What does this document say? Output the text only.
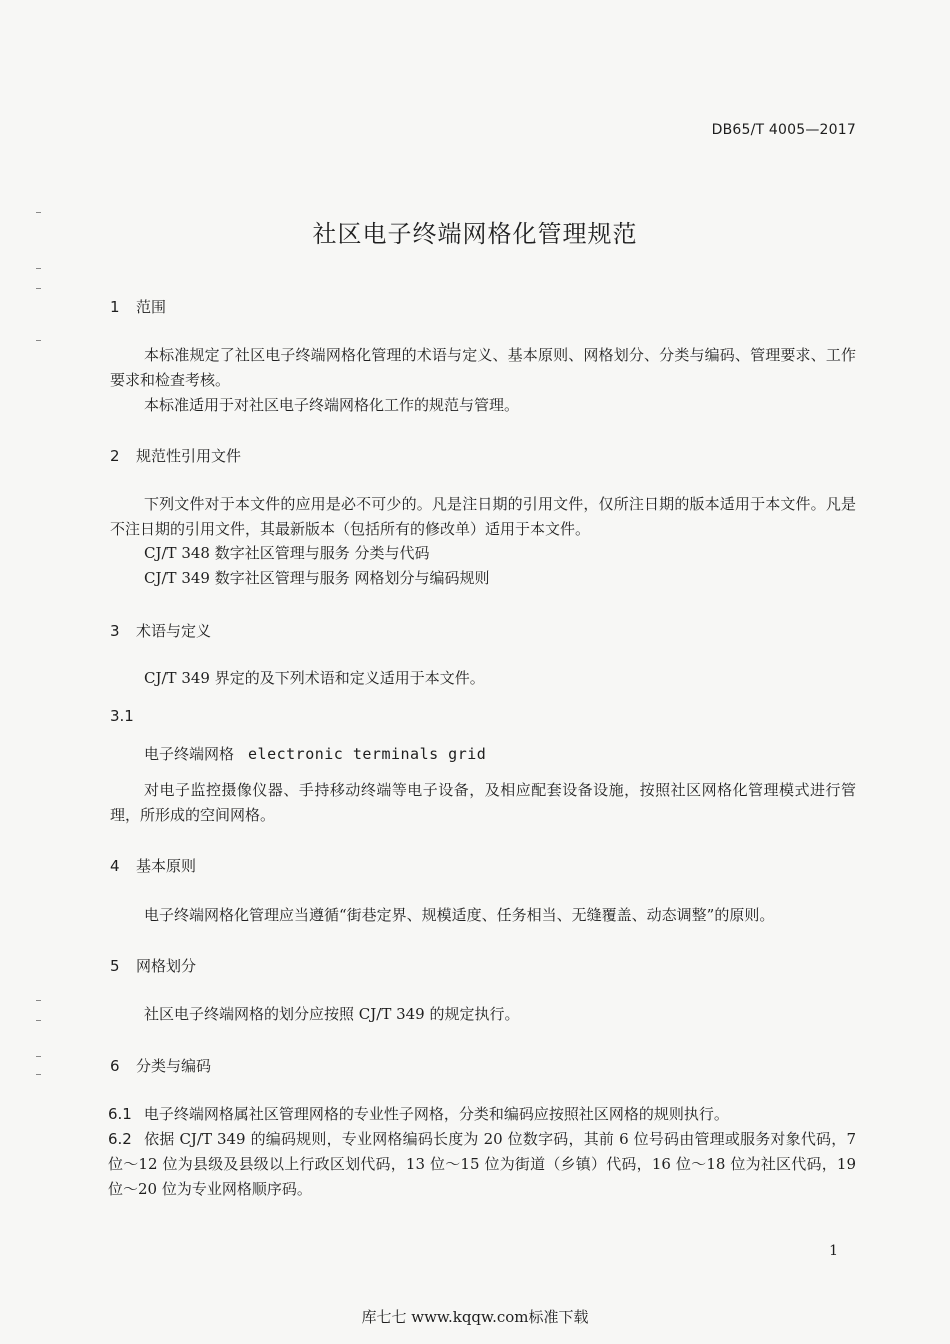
DB65/T 4005—2017
社区电子终端网格化管理规范
1 范围
本标准规定了社区电子终端网格化管理的术语与定义、基本原则、网格划分、分类与编码、管理要求、工作要求和检查考核。
本标准适用于对社区电子终端网格化工作的规范与管理。
2 规范性引用文件
下列文件对于本文件的应用是必不可少的。凡是注日期的引用文件，仅所注日期的版本适用于本文件。凡是不注日期的引用文件，其最新版本（包括所有的修改单）适用于本文件。
CJ/T 348 数字社区管理与服务 分类与代码
CJ/T 349 数字社区管理与服务 网格划分与编码规则
3 术语与定义
CJ/T 349 界定的及下列术语和定义适用于本文件。
3.1
电子终端网格 electronic terminals grid
对电子监控摄像仪器、手持移动终端等电子设备，及相应配套设备设施，按照社区网格化管理模式进行管理，所形成的空间网格。
4 基本原则
电子终端网格化管理应当遵循“街巷定界、规模适度、任务相当、无缝覆盖、动态调整”的原则。
5 网格划分
社区电子终端网格的划分应按照 CJ/T 349 的规定执行。
6 分类与编码
6.1 电子终端网格属社区管理网格的专业性子网格，分类和编码应按照社区网格的规则执行。
6.2 依据 CJ/T 349 的编码规则，专业网格编码长度为 20 位数字码，其前 6 位号码由管理或服务对象代码，7 位～12 位为县级及县级以上行政区划代码，13 位～15 位为街道（乡镇）代码，16 位～18 位为社区代码，19 位～20 位为专业网格顺序码。
1
库七七 www.kqqw.com标准下载
